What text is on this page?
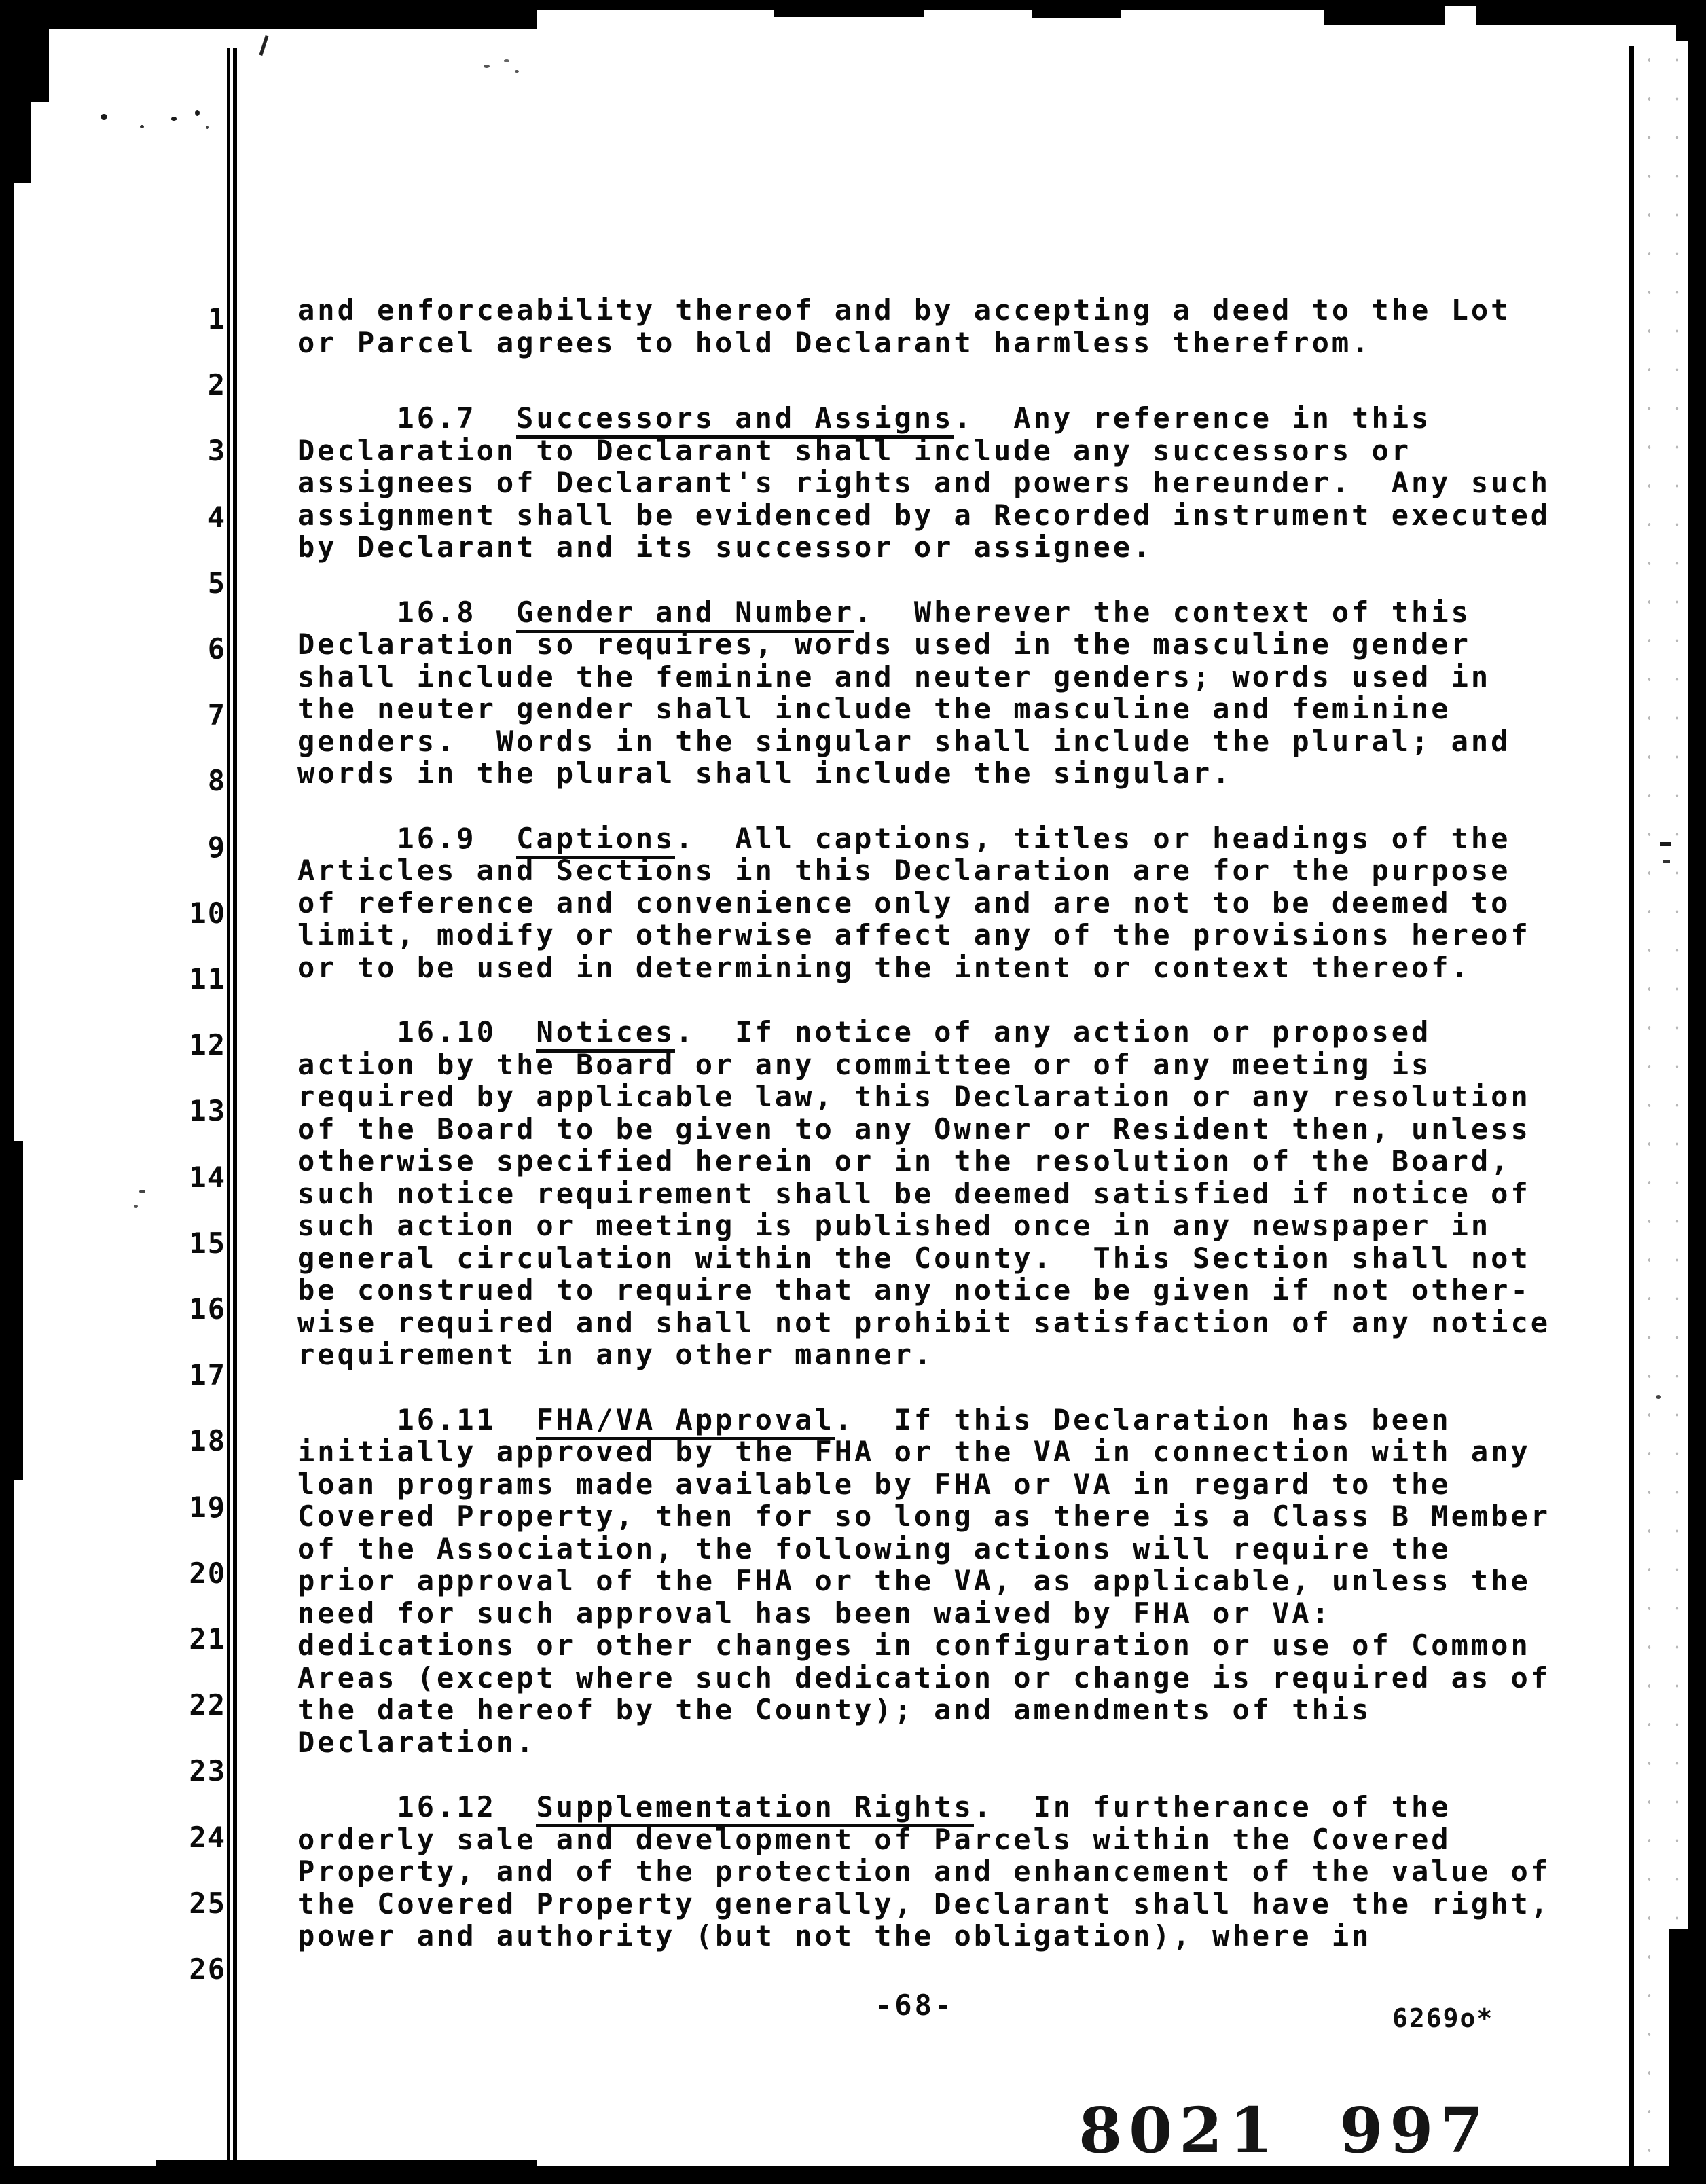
1
2
3
4
5
6
7
8
9
10
11
12
13
14
15
16
17
18
19
20
21
22
23
24
25
26
and enforceability thereof and by accepting a deed to the Lot
or Parcel agrees to hold Declarant harmless therefrom.
16.7  Successors and Assigns.  Any reference in this
Declaration to Declarant shall include any successors or
assignees of Declarant's rights and powers hereunder.  Any such
assignment shall be evidenced by a Recorded instrument executed
by Declarant and its successor or assignee.
16.8  Gender and Number.  Wherever the context of this
Declaration so requires, words used in the masculine gender
shall include the feminine and neuter genders; words used in
the neuter gender shall include the masculine and feminine
genders.  Words in the singular shall include the plural; and
words in the plural shall include the singular.
16.9  Captions.  All captions, titles or headings of the
Articles and Sections in this Declaration are for the purpose
of reference and convenience only and are not to be deemed to
limit, modify or otherwise affect any of the provisions hereof
or to be used in determining the intent or context thereof.
16.10  Notices.  If notice of any action or proposed
action by the Board or any committee or of any meeting is
required by applicable law, this Declaration or any resolution
of the Board to be given to any Owner or Resident then, unless
otherwise specified herein or in the resolution of the Board,
such notice requirement shall be deemed satisfied if notice of
such action or meeting is published once in any newspaper in
general circulation within the County.  This Section shall not
be construed to require that any notice be given if not other-
wise required and shall not prohibit satisfaction of any notice
requirement in any other manner.
16.11  FHA/VA Approval.  If this Declaration has been
initially approved by the FHA or the VA in connection with any
loan programs made available by FHA or VA in regard to the
Covered Property, then for so long as there is a Class B Member
of the Association, the following actions will require the
prior approval of the FHA or the VA, as applicable, unless the
need for such approval has been waived by FHA or VA:
dedications or other changes in configuration or use of Common
Areas (except where such dedication or change is required as of
the date hereof by the County); and amendments of this
Declaration.
16.12  Supplementation Rights.  In furtherance of the
orderly sale and development of Parcels within the Covered
Property, and of the protection and enhancement of the value of
the Covered Property generally, Declarant shall have the right,
power and authority (but not the obligation), where in
-68-

8021 997

6269o*
